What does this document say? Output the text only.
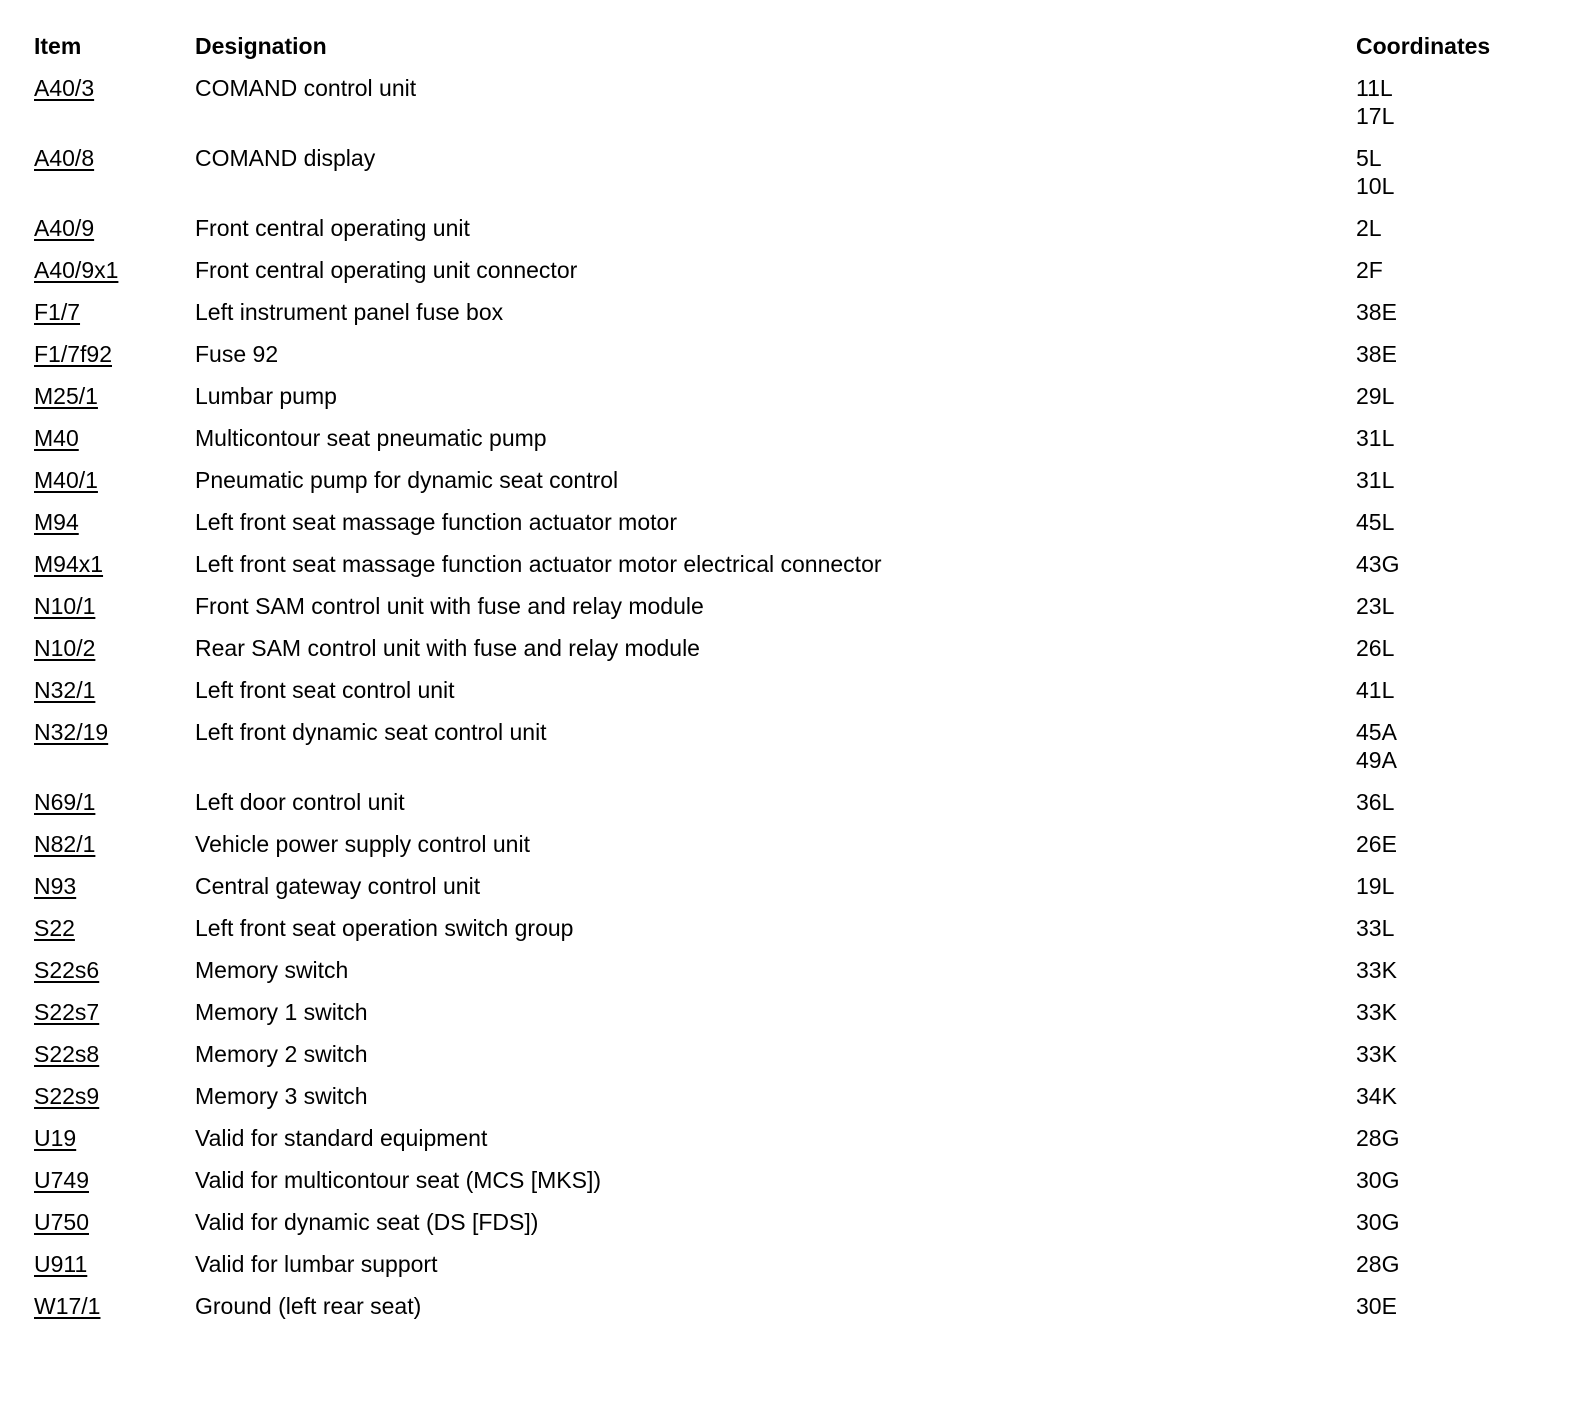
Item	Designation	Coordinates
A40/3	COMAND control unit	11L
17L
A40/8	COMAND display	5L
10L
A40/9	Front central operating unit	2L
A40/9x1	Front central operating unit connector	2F
F1/7	Left instrument panel fuse box	38E
F1/7f92	Fuse 92	38E
M25/1	Lumbar pump	29L
M40	Multicontour seat pneumatic pump	31L
M40/1	Pneumatic pump for dynamic seat control	31L
M94	Left front seat massage function actuator motor	45L
M94x1	Left front seat massage function actuator motor electrical connector	43G
N10/1	Front SAM control unit with fuse and relay module	23L
N10/2	Rear SAM control unit with fuse and relay module	26L
N32/1	Left front seat control unit	41L
N32/19	Left front dynamic seat control unit	45A
49A
N69/1	Left door control unit	36L
N82/1	Vehicle power supply control unit	26E
N93	Central gateway control unit	19L
S22	Left front seat operation switch group	33L
S22s6	Memory switch	33K
S22s7	Memory 1 switch	33K
S22s8	Memory 2 switch	33K
S22s9	Memory 3 switch	34K
U19	Valid for standard equipment	28G
U749	Valid for multicontour seat (MCS [MKS])	30G
U750	Valid for dynamic seat (DS [FDS])	30G
U911	Valid for lumbar support	28G
W17/1	Ground (left rear seat)	30E
